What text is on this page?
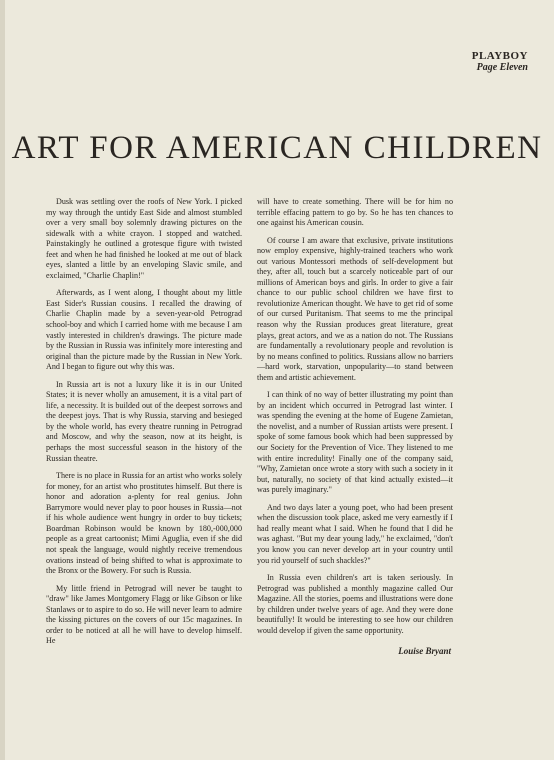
PLAYBOY
Page Eleven
ART FOR AMERICAN CHILDREN

Dusk was settling over the roofs of New York. I picked my way through the untidy East Side and almost stumbled over a very small boy solemnly drawing pictures on the sidewalk with a white crayon. I stopped and watched. Painstakingly he outlined a grotesque figure with twisted feet and when he had finished he looked at me out of black eyes, slanted a little by an enveloping Slavic smile, and exclaimed, "Charlie Chaplin!"

Afterwards, as I went along, I thought about my little East Sider's Russian cousins. I recalled the drawing of Charlie Chaplin made by a seven-year-old Petrograd school-boy and which I carried home with me because I am vastly interested in children's drawings. The picture made by the Russian in Russia was infinitely more interesting and original than the picture made by the Russian in New York. And I began to figure out why this was.

In Russia art is not a luxury like it is in our United States; it is never wholly an amusement, it is a vital part of life, a necessity. It is builded out of the deepest sorrows and the deepest joys. That is why Russia, starving and besieged by the whole world, has every theatre running in Petrograd and Moscow, and why the season, now at its height, is perhaps the most successful season in the history of the Russian theatre.

There is no place in Russia for an artist who works solely for money, for an artist who prostitutes himself. But there is honor and adoration a-plenty for real genius. John Barrymore would never play to poor houses in Russia—not if his whole audience went hungry in order to buy tickets; Boardman Robinson would be known by 180,-000,000 people as a great cartoonist; Mimi Aguglia, even if she did not speak the language, would nightly receive tremendous ovations instead of being shifted to what is approximate to the Bronx or the Bowery. For such is Russia.

My little friend in Petrograd will never be taught to "draw" like James Montgomery Flagg or like Gibson or like Stanlaws or to aspire to do so. He will never learn to admire the kissing pictures on the covers of our 15c magazines. In order to be noticed at all he will have to develop himself. He

will have to create something. There will be for him no terrible effacing pattern to go by. So he has ten chances to one against his American cousin.

Of course I am aware that exclusive, private institutions now employ expensive, highly-trained teachers who work out various Montessori methods of self-development but they, after all, touch but a scarcely noticeable part of our millions of American boys and girls. In order to give a fair chance to our public school children we have first to revolutionize American thought. We have to get rid of some of our cursed Puritanism. That seems to me the principal reason why the Russian produces great literature, great plays, great actors, and we as a nation do not. The Russians are fundamentally a revolutionary people and revolution is by no means confined to politics. Russians allow no barriers—hard work, starvation, unpopularity—to stand between them and artistic achievement.

I can think of no way of better illustrating my point than by an incident which occurred in Petrograd last winter. I was spending the evening at the home of Eugene Zamietan, the novelist, and a number of Russian artists were present. I spoke of some famous book which had been suppressed by our Society for the Prevention of Vice. They listened to me with entire incredulity! Finally one of the company said, "Why, Zamietan once wrote a story with such a society in it but, naturally, no society of that kind actually existed—it was purely imaginary."

And two days later a young poet, who had been present when the discussion took place, asked me very earnestly if I had really meant what I said. When he found that I did he was aghast. "But my dear young lady," he exclaimed, "don't you know you can never develop art in your country until you rid yourself of such shackles?"

In Russia even children's art is taken seriously. In Petrograd was published a monthly magazine called Our Magazine. All the stories, poems and illustrations were done by children under twelve years of age. And they were done beautifully! It would be interesting to see how our children would develop if given the same opportunity.

Louise Bryant
